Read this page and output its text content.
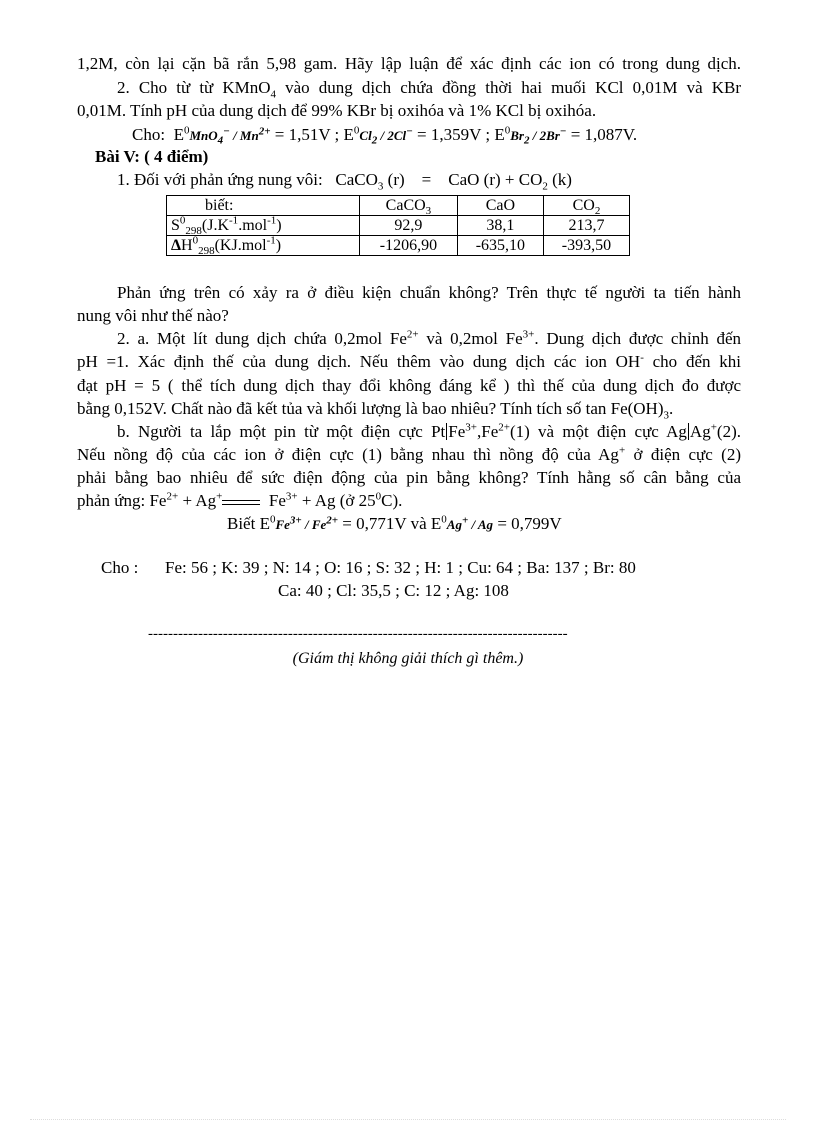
1,2M, còn lại cặn bã rắn 5,98 gam. Hãy lập luận để xác định các ion có trong dung dịch.
2. Cho từ từ KMnO$_4$ vào dung dịch chứa đồng thời hai muối KCl 0,01M và KBr
0,01M. Tính pH của dung dịch để 99% KBr bị oxihóa và 1% KCl bị oxihóa.
Cho:  $E^0MnO_4^- / Mn^{2+} = 1,51V$ ; $E^0Cl_2 / 2Cl^- = 1,359V$ ; $E^0Br_2 / 2Br^- = 1,087V$.
Bài V: ( 4 điểm)
1. Đối với phản ứng nung vôi: CaCO$_3$ (r) = CaO $(r) + CO_2$ (k)
biết:	CaCO$_3$	CaO	$CO_2$
$S^0_{298}(J.K^{-1}.mol^{-1})$	92,9	38,1	213,7
$\Delta H^0_{298}(KJ.mol^{-1})$	-1206,90	-635,10	-393,50
Phản ứng trên có xảy ra ở điều kiện chuẩn không? Trên thực tế người ta tiến hành
nung vôi như thế nào?
2. a. Một lít dung dịch chứa 0,2mol $Fe^{2+}$ và 0,2mol $Fe^{3+}$. Dung dịch được chỉnh đến
pH =1. Xác định thế của dung dịch. Nếu thêm vào dung dịch các ion OH- cho đến khi
đạt pH = 5 ( thể tích dung dịch thay đổi không đáng kể ) thì thế của dung dịch đo được
bằng 0,152V. Chất nào đã kết tủa và khối lượng là bao nhiêu? Tính tích số $\tan Fe(OH)_3$.
b. Người ta lắp một pin từ một điện cực Pt $Fe^{3+},Fe^{2+}(1)$ và một điện cực Ag Ag+(2).
Nếu nồng độ của các ion ở điện cực (1) bằng nhau thì nồng độ của Ag+ ở điện cực (2)
phải bằng bao nhiêu để sức điện động của pin bằng không? Tính hằng số cân bằng của
phản ứng: $Fe^{2+} + Ag^+$	$Fe^{3+} + Ag$ (ở $25^0C$).
Biết $E^0Fe^{3+} / Fe^{2+} = 0,771V$ và $E^0Ag^+ / Ag = 0,799V$
Cho :	Fe: 56 ; K: 39 ; N: 14 ; O: 16 ; S: 32 ; H: 1 ; Cu: 64 ; Ba: 137 ; Br: 80
Ca: 40 ; Cl: 35,5 ; C: 12 ; Ag: 108
------------------------------------------------------------------------------------
(Giám thị không giải thích gì thêm.)
